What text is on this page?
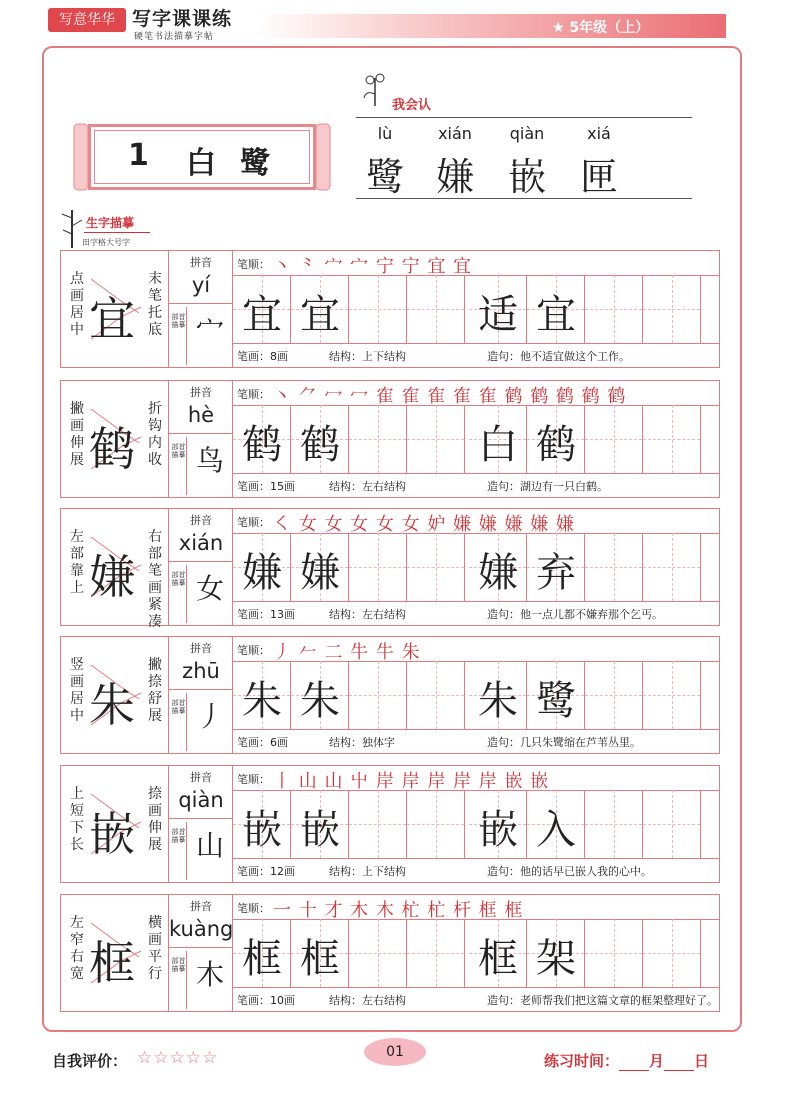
写意华华 写字课课练
硬笔书法描摹字帖
★ 5年级（上）
1 白鹭
我会认
lù	xián	qiàn	xiá
鹭 嫌 嵌 匣
生字描摹
田字格大号字
点画居中 宜
末笔托底
拼音
yí
部首描摹 宀
笔顺： 丶 ⺀ 宀 宀 宁 宁 宜 宜
宜 宜	适 宜
笔画：8画	结构：上下结构	造句：他不适宜做这个工作。
撇画伸展 鹤
折钩内收
拼音
hè
部首描摹 鸟
笔顺： 丶 ⺈ 冖 冖 隺 隺 隺 隺 隺 鹤 鹤 鹤 鹤 鹤
鹤 鹤	白 鹤
笔画：15画	结构：左右结构	造句：湖边有一只白鹤。
左部靠上 嫌
右部笔画紧凑
拼音
xián
部首描摹 女
笔顺： ㇛ 女 女 女 女 女 妒 嫌 嫌 嫌 嫌 嫌
嫌 嫌	嫌 弃
笔画：13画	结构：左右结构	造句：他一点儿都不嫌弃那个乞丐。
竖画居中 朱
撇捺舒展
拼音
zhū
部首描摹 丿
笔顺： 丿 𠂉 二 牛 牛 朱
朱 朱	朱 鹭
笔画：6画	结构：独体字	造句：几只朱鹭缩在芦苇丛里。
上短下长 嵌
捺画伸展
拼音
qiàn
部首描摹 山
笔顺： 丨 山 山 屮 岸 岸 岸 岸 岸 嵌 嵌
嵌 嵌	嵌 入
笔画：12画	结构：上下结构	造句：他的话早已嵌人我的心中。
左窄右宽 框
横画平行
拼音
kuàng
部首描摹 木
笔顺： 一 十 才 木 木 杧 杧 杆 框 框
框 框	框 架
笔画：10画	结构：左右结构	造句：老师帮我们把这篇文章的框架整理好了。
自我评价： ☆☆☆☆☆	01	练习时间： 月 日
